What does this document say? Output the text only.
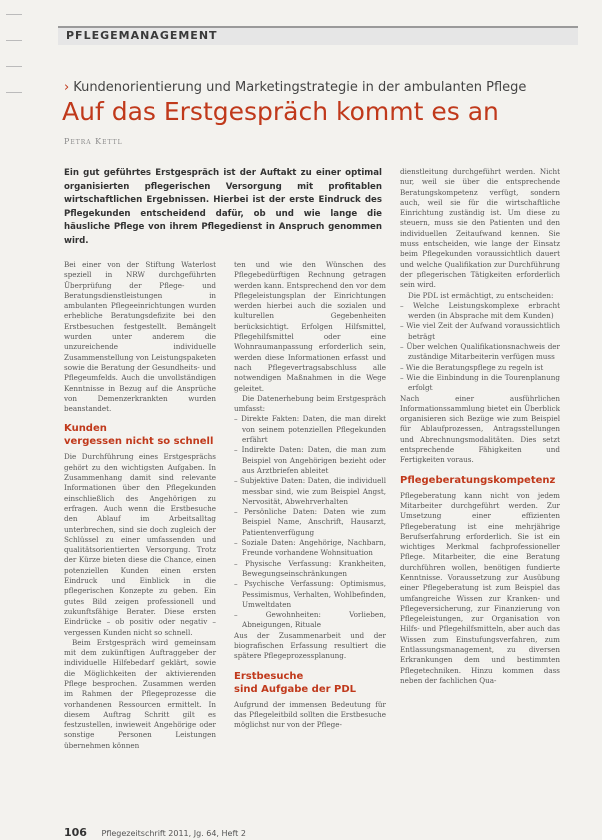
PFLEGEMANAGEMENT
› Kundenorientierung und Marketingstrategie in der ambulanten Pflege
Auf das Erstgespräch kommt es an
Petra Kettl
Ein gut geführtes Erstgespräch ist der Auftakt zu einer optimal organisierten pflegerischen Versorgung mit profitablen wirtschaftlichen Ergebnissen. Hierbei ist der erste Eindruck des Pflegekunden entscheidend dafür, ob und wie lange die häusliche Pflege von ihrem Pflegedienst in Anspruch genommen wird.

Bei einer von der Stiftung Waterlost speziell in NRW durchgeführten Überprüfung der Pflege- und Beratungsdienstleistungen in ambulanten Pflegeeinrichtungen wurden erhebliche Beratungsdefizite bei den Erstbesuchen festgestellt. Bemängelt wurden unter anderem die unzureichende individuelle Zusammenstellung von Leistungspaketen sowie die Beratung der Gesundheits- und Pflegeumfelds. Auch die unvollständigen Kenntnisse in Bezug auf die Ansprüche von Demenzerkrankten wurden beanstandet.

Kunden
vergessen nicht so schnell

Die Durchführung eines Erstgesprächs gehört zu den wichtigsten Aufgaben. In Zusammenhang damit sind relevante Informationen über den Pflegekunden einschließlich des Angehörigen zu erfragen. Auch wenn die Erstbesuche den Ablauf im Arbeitsalltag unterbrechen, sind sie doch zugleich der Schlüssel zu einer umfassenden und qualitätsorientierten Versorgung. Trotz der Kürze bieten diese die Chance, einen potenziellen Kunden einen ersten Eindruck und Einblick in die pflegerischen Konzepte zu geben. Ein gutes Bild zeigen professionell und zukunftsfähige Berater. Diese ersten Eindrücke – ob positiv oder negativ – vergessen Kunden nicht so schnell.

Beim Erstgespräch wird gemeinsam mit dem zukünftigen Auftraggeber der individuelle Hilfebedarf geklärt, sowie die Möglichkeiten der aktivierenden Pflege besprochen. Zusammen werden im Rahmen der Pflegeprozesse die vorhandenen Ressourcen ermittelt. In diesem Auftrag Schritt gilt es festzustellen, inwieweit Angehörige oder sonstige Personen Leistungen übernehmen können

ten und wie den Wünschen des Pflegebedürftigen Rechnung getragen werden kann. Entsprechend den vor dem Pflegeleistungsplan der Einrichtungen werden hierbei auch die sozialen und kulturellen Gegebenheiten berücksichtigt. Erfolgen Hilfsmittel, Pflegehilfsmittel oder eine Wohnraumanpassung erforderlich sein, werden diese Informationen erfasst und nach Pflegevertragsabschluss alle notwendigen Maßnahmen in die Wege geleitet.

Die Datenerhebung beim Erstgespräch umfasst:

– Direkte Fakten: Daten, die man direkt von seinem potenziellen Pflegekunden erfährt
– Indirekte Daten: Daten, die man zum Beispiel von Angehörigen bezieht oder aus Arztbriefen ableitet
– Subjektive Daten: Daten, die individuell messbar sind, wie zum Beispiel Angst, Nervosität, Abwehrverhalten
– Persönliche Daten: Daten wie zum Beispiel Name, Anschrift, Hausarzt, Patientenverfügung
– Soziale Daten: Angehörige, Nachbarn, Freunde vorhandene Wohnsituation
– Physische Verfassung: Krankheiten, Bewegungseinschränkungen
– Psychische Verfassung: Optimismus, Pessimismus, Verhalten, Wohlbefinden, Umweltdaten
– Gewohnheiten: Vorlieben, Abneigungen, Rituale

Aus der Zusammenarbeit und der biografischen Erfassung resultiert die spätere Pflegeprozessplanung.

Erstbesuche
sind Aufgabe der PDL

Aufgrund der immensen Bedeutung für das Pflegeleitbild sollten die Erstbesuche möglichst nur von der Pflege-

dienstleitung durchgeführt werden. Nicht nur, weil sie über die entsprechende Beratungskompetenz verfügt, sondern auch, weil sie für die wirtschaftliche Einrichtung zuständig ist. Um diese zu steuern, muss sie den Patienten und den individuellen Zeitaufwand kennen. Sie muss entscheiden, wie lange der Einsatz beim Pflegekunden voraussichtlich dauert und welche Qualifikation zur Durchführung der pflegerischen Tätigkeiten erforderlich sein wird.

Die PDL ist ermächtigt, zu entscheiden:

– Welche Leistungskomplexe erbracht werden (in Absprache mit dem Kunden)
– Wie viel Zeit der Aufwand voraussichtlich beträgt
– Über welchen Qualifikationsnachweis der zuständige Mitarbeiterin verfügen muss
– Wie die Beratungspflege zu regeln ist
– Wie die Einbindung in die Tourenplanung erfolgt

Nach einer ausführlichen Informationssammlung bietet ein Überblick organisieren sich Bezüge wie zum Beispiel für Ablaufprozessen, Antragsstellungen und Abrechnungsmodalitäten. Dies setzt entsprechende Fähigkeiten und Fertigkeiten voraus.

Pflegeberatungskompetenz

Pflegeberatung kann nicht von jedem Mitarbeiter durchgeführt werden. Zur Umsetzung einer effizienten Pflegeberatung ist eine mehrjährige Berufserfahrung erforderlich. Sie ist ein wichtiges Merkmal fachprofessioneller Pflege. Mitarbeiter, die eine Beratung durchführen wollen, benötigen fundierte Kenntnisse. Voraussetzung zur Ausübung einer Pflegeberatung ist zum Beispiel das umfangreiche Wissen zur Kranken- und Pflegeversicherung, zur Finanzierung von Pflegeleistungen, zur Organisation von Hilfs- und Pflegehilfsmitteln, aber auch das Wissen zum Einstufungsverfahren, zum Entlassungsmanagement, zu diversen Erkrankungen dem und bestimmten Pflegetechniken. Hinzu kommen dass neben der fachlichen Qua-

106 Pflegezeitschrift 2011, Jg. 64, Heft 2
